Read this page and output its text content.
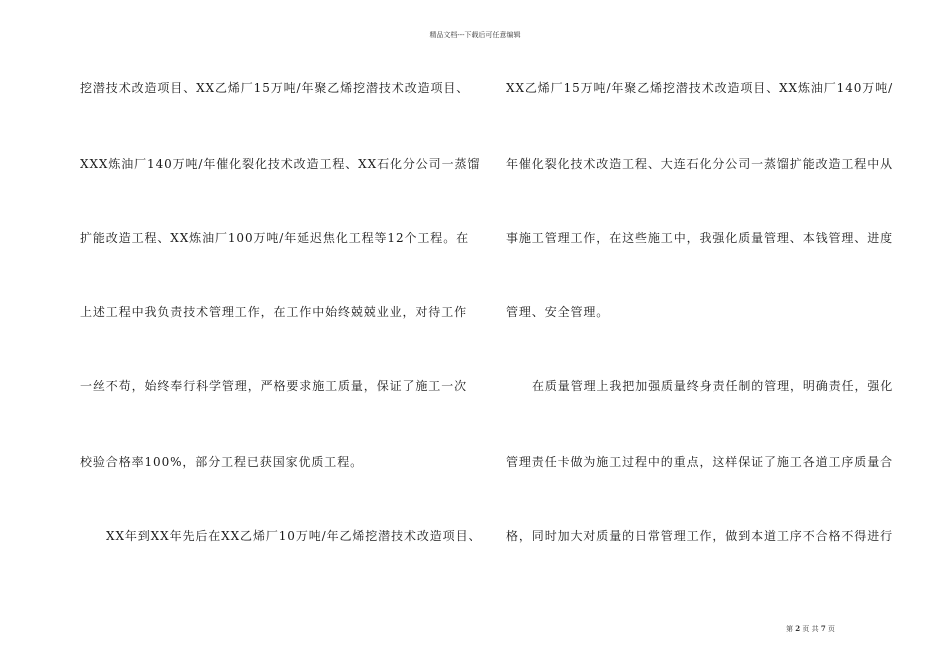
精品文档---下载后可任意编辑
挖潜技术改造项目、XX乙烯厂15万吨/年聚乙烯挖潜技术改造项目、
XXX炼油厂140万吨/年催化裂化技术改造工程、XX石化分公司一蒸馏
扩能改造工程、XX炼油厂100万吨/年延迟焦化工程等12个工程。在
上述工程中我负责技术管理工作，在工作中始终兢兢业业，对待工作
一丝不苟，始终奉行科学管理，严格要求施工质量，保证了施工一次
校验合格率100%，部分工程已获国家优质工程。
XX年到XX年先后在XX乙烯厂10万吨/年乙烯挖潜技术改造项目、
XX乙烯厂15万吨/年聚乙烯挖潜技术改造项目、XX炼油厂140万吨/
年催化裂化技术改造工程、大连石化分公司一蒸馏扩能改造工程中从
事施工管理工作，在这些施工中，我强化质量管理、本钱管理、进度
管理、安全管理。
在质量管理上我把加强质量终身责任制的管理，明确责任，强化
管理责任卡做为施工过程中的重点，这样保证了施工各道工序质量合
格，同时加大对质量的日常管理工作，做到本道工序不合格不得进行
第 2 页 共 7 页
